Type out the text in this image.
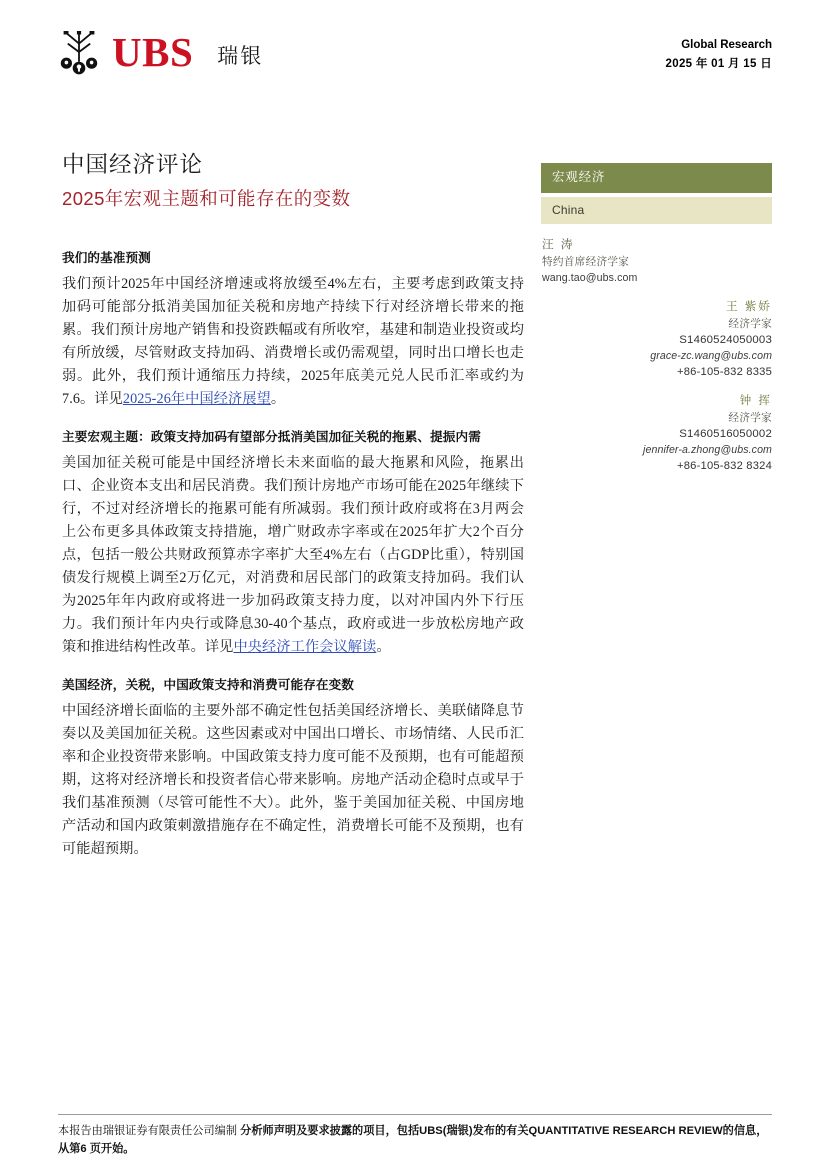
UBS 瑞银	Global Research
2025 年 01 月 15 日
中国经济评论
2025年宏观主题和可能存在的变数
我们的基准预测

我们预计2025年中国经济增速或将放缓至4%左右，主要考虑到政策支持加码可能部分抵消美国加征关税和房地产持续下行对经济增长带来的拖累。我们预计房地产销售和投资跌幅或有所收窄，基建和制造业投资或均有所放缓，尽管财政支持加码、消费增长或仍需观望，同时出口增长也走弱。此外，我们预计通缩压力持续，2025年底美元兑人民币汇率或约为7.6。详见2025-26年中国经济展望。

主要宏观主题：政策支持加码有望部分抵消美国加征关税的拖累、提振内需

美国加征关税可能是中国经济增长未来面临的最大拖累和风险，拖累出口、企业资本支出和居民消费。我们预计房地产市场可能在2025年继续下行，不过对经济增长的拖累可能有所减弱。我们预计政府或将在3月两会上公布更多具体政策支持措施，增广财政赤字率或在2025年扩大2个百分点，包括一般公共财政预算赤字率扩大至4%左右（占GDP比重），特别国债发行规模上调至2万亿元，对消费和居民部门的政策支持加码。我们认为2025年年内政府或将进一步加码政策支持力度，以对冲国内外下行压力。我们预计年内央行或降息30-40个基点，政府或进一步放松房地产政策和推进结构性改革。详见中央经济工作会议解读。

美国经济，关税，中国政策支持和消费可能存在变数

中国经济增长面临的主要外部不确定性包括美国经济增长、美联储降息节奏以及美国加征关税。这些因素或对中国出口增长、市场情绪、人民币汇率和企业投资带来影响。中国政策支持力度可能不及预期，也有可能超预期，这将对经济增长和投资者信心带来影响。房地产活动企稳时点或早于我们基准预测（尽管可能性不大）。此外，鉴于美国加征关税、中国房地产活动和国内政策刺激措施存在不确定性，消费增长可能不及预期，也有可能超预期。

宏观经济
China
汪 涛
特约首席经济学家
wang.tao@ubs.com
王 紫娇
经济学家
S1460524050003
grace-zc.wang@ubs.com
+86-105-832 8335
钟 挥
经济学家
S1460516050002
jennifer-a.zhong@ubs.com
+86-105-832 8324
本报告由瑞银证券有限责任公司编制 分析师声明及要求披露的项目，包括UBS(瑞银)发布的有关QUANTITATIVE RESEARCH REVIEW的信息，从第6 页开始。
